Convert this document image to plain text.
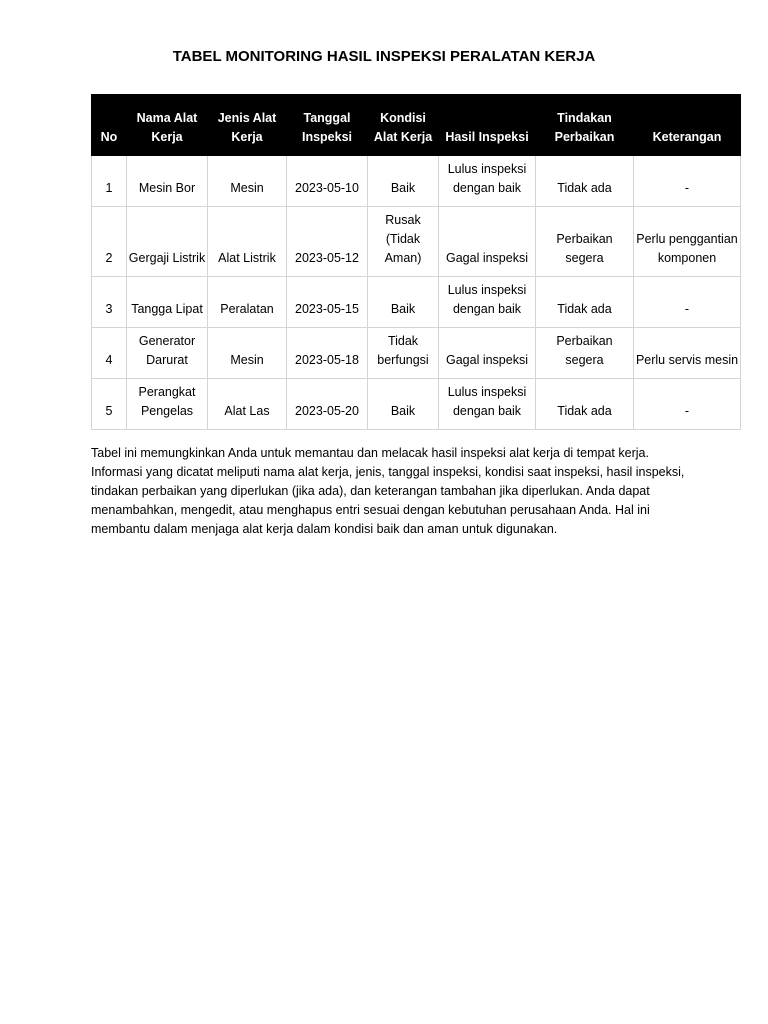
TABEL MONITORING HASIL INSPEKSI PERALATAN KERJA
No	Nama Alat Kerja	Jenis Alat Kerja	Tanggal Inspeksi	Kondisi Alat Kerja	Hasil Inspeksi	Tindakan Perbaikan	Keterangan
1	Mesin Bor	Mesin	2023-05-10	Baik	Lulus inspeksi dengan baik	Tidak ada	-
2	Gergaji Listrik	Alat Listrik	2023-05-12	Rusak (Tidak Aman)	Gagal inspeksi	Perbaikan segera	Perlu penggantian komponen
3	Tangga Lipat	Peralatan	2023-05-15	Baik	Lulus inspeksi dengan baik	Tidak ada	-
4	Generator Darurat	Mesin	2023-05-18	Tidak berfungsi	Gagal inspeksi	Perbaikan segera	Perlu servis mesin
5	Perangkat Pengelas	Alat Las	2023-05-20	Baik	Lulus inspeksi dengan baik	Tidak ada	-

Tabel ini memungkinkan Anda untuk memantau dan melacak hasil inspeksi alat kerja di tempat kerja. Informasi yang dicatat meliputi nama alat kerja, jenis, tanggal inspeksi, kondisi saat inspeksi, hasil inspeksi, tindakan perbaikan yang diperlukan (jika ada), dan keterangan tambahan jika diperlukan. Anda dapat menambahkan, mengedit, atau menghapus entri sesuai dengan kebutuhan perusahaan Anda. Hal ini membantu dalam menjaga alat kerja dalam kondisi baik dan aman untuk digunakan.
